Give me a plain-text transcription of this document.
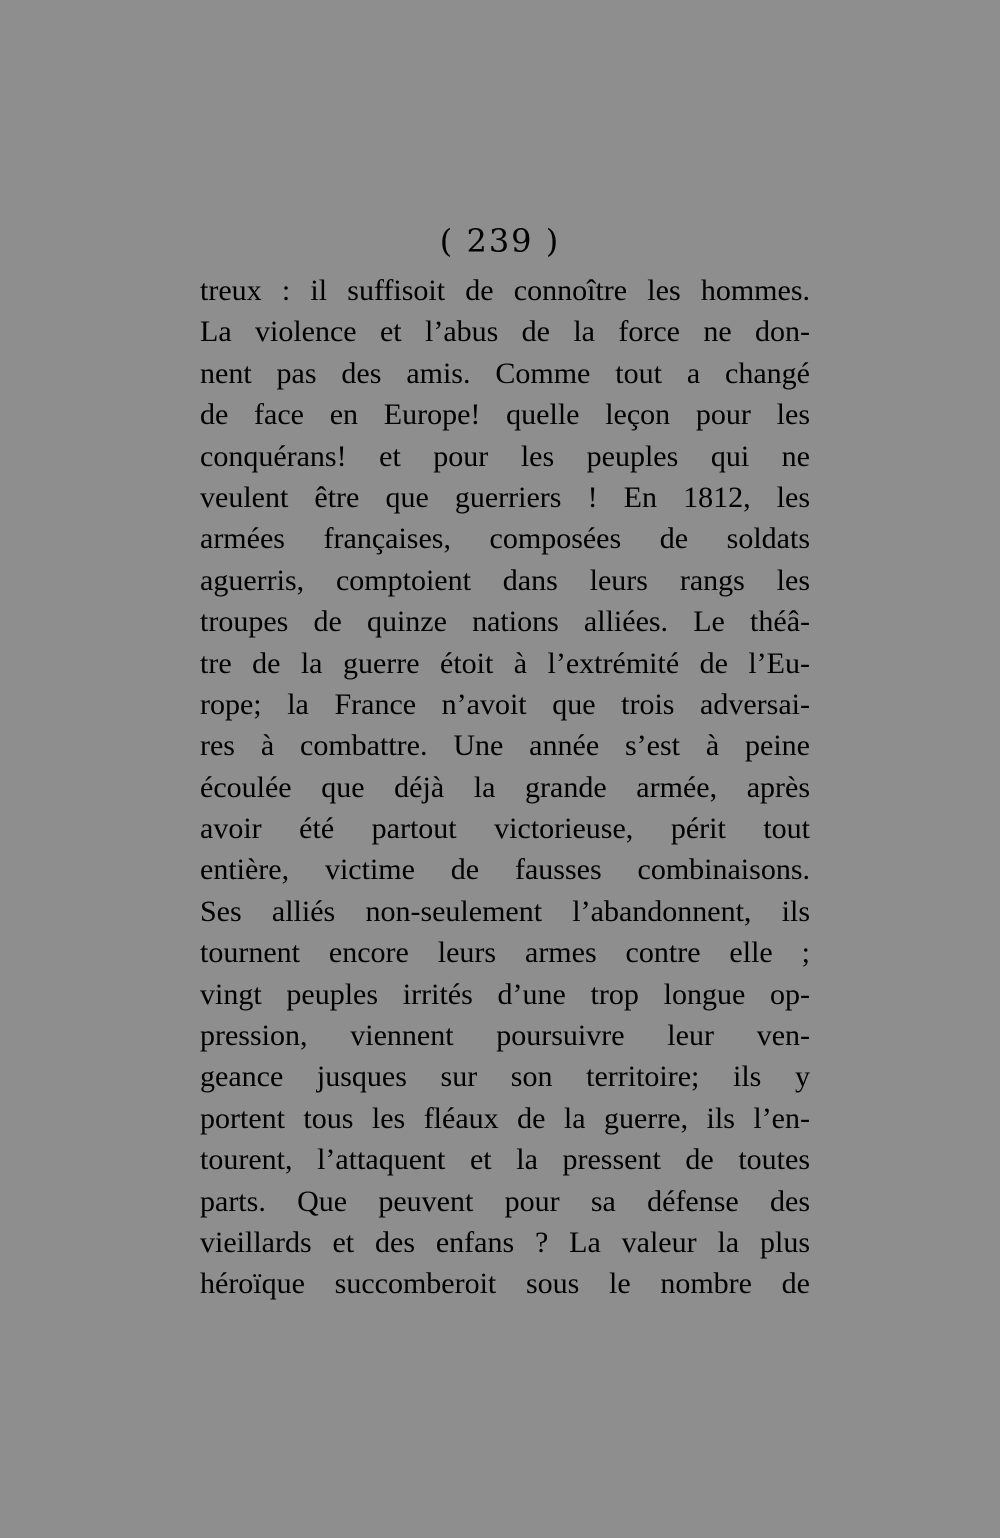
( 239 )
treux : il suffisoit de connoître les hommes.
La violence et l’abus de la force ne don-
nent pas des amis. Comme tout a changé
de face en Europe! quelle leçon pour les
conquérans! et pour les peuples qui ne
veulent être que guerriers ! En 1812, les
armées françaises, composées de soldats
aguerris, comptoient dans leurs rangs les
troupes de quinze nations alliées. Le théâ-
tre de la guerre étoit à l’extrémité de l’Eu-
rope; la France n’avoit que trois adversai-
res à combattre. Une année s’est à peine
écoulée que déjà la grande armée, après
avoir été partout victorieuse, périt tout
entière, victime de fausses combinaisons.
Ses alliés non-seulement l’abandonnent, ils
tournent encore leurs armes contre elle ;
vingt peuples irrités d’une trop longue op-
pression, viennent poursuivre leur ven-
geance jusques sur son territoire; ils y
portent tous les fléaux de la guerre, ils l’en-
tourent, l’attaquent et la pressent de toutes
parts. Que peuvent pour sa défense des
vieillards et des enfans ? La valeur la plus
héroïque succomberoit sous le nombre de
